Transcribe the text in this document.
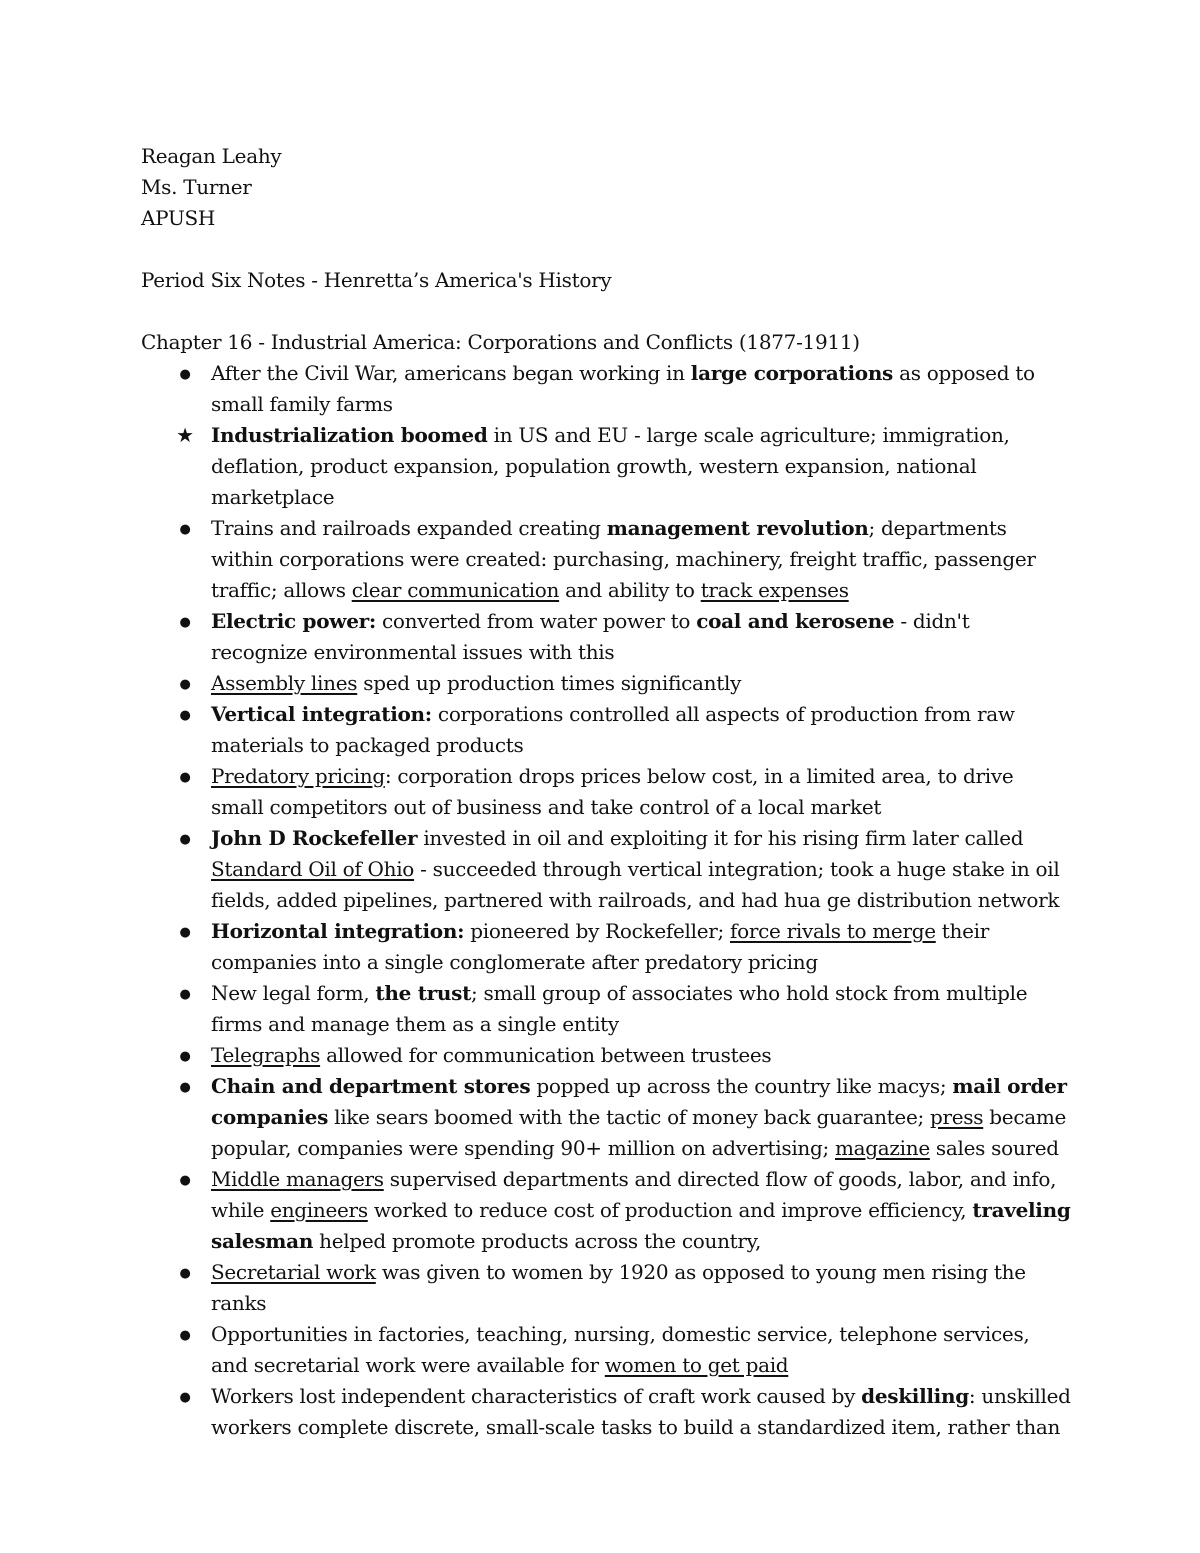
Reagan Leahy
Ms. Turner
APUSH
Period Six Notes - Henretta’s America's History
Chapter 16 - Industrial America: Corporations and Conflicts (1877-1911)
● After the Civil War, americans began working in large corporations as opposed to small family farms
★ Industrialization boomed in US and EU - large scale agriculture; immigration, deflation, product expansion, population growth, western expansion, national marketplace
● Trains and railroads expanded creating management revolution; departments within corporations were created: purchasing, machinery, freight traffic, passenger traffic; allows clear communication and ability to track expenses
● Electric power: converted from water power to coal and kerosene - didn't recognize environmental issues with this
● Assembly lines sped up production times significantly
● Vertical integration: corporations controlled all aspects of production from raw materials to packaged products
● Predatory pricing: corporation drops prices below cost, in a limited area, to drive small competitors out of business and take control of a local market
● John D Rockefeller invested in oil and exploiting it for his rising firm later called Standard Oil of Ohio - succeeded through vertical integration; took a huge stake in oil fields, added pipelines, partnered with railroads, and had hua ge distribution network
● Horizontal integration: pioneered by Rockefeller; force rivals to merge their companies into a single conglomerate after predatory pricing
● New legal form, the trust; small group of associates who hold stock from multiple firms and manage them as a single entity
● Telegraphs allowed for communication between trustees
● Chain and department stores popped up across the country like macys; mail order companies like sears boomed with the tactic of money back guarantee; press became popular, companies were spending 90+ million on advertising; magazine sales soured
● Middle managers supervised departments and directed flow of goods, labor, and info, while engineers worked to reduce cost of production and improve efficiency, traveling salesman helped promote products across the country,
● Secretarial work was given to women by 1920 as opposed to young men rising the ranks
● Opportunities in factories, teaching, nursing, domestic service, telephone services, and secretarial work were available for women to get paid
● Workers lost independent characteristics of craft work caused by deskilling: unskilled workers complete discrete, small-scale tasks to build a standardized item, rather than
